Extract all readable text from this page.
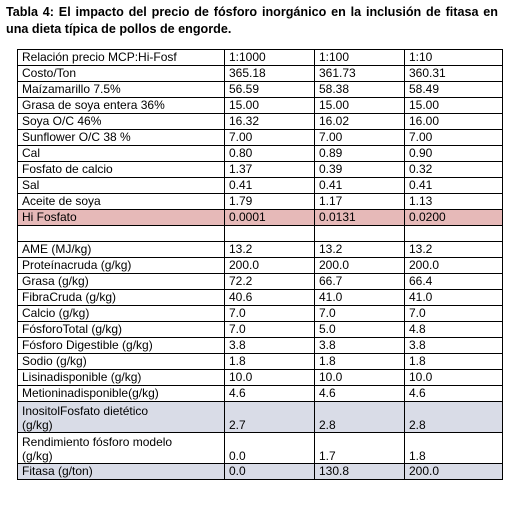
Tabla 4: El impacto del precio de fósforo inorgánico en la inclusión de fitasa en una dieta típica de pollos de engorde.
Relación precio MCP:Hi-Fosf	1:1000	1:100	1:10
Costo/Ton	365.18	361.73	360.31
Maízamarillo 7.5%	56.59	58.38	58.49
Grasa de soya entera 36%	15.00	15.00	15.00
Soya O/C 46%	16.32	16.02	16.00
Sunflower O/C 38 %	7.00	7.00	7.00
Cal	0.80	0.89	0.90
Fosfato de calcio	1.37	0.39	0.32
Sal	0.41	0.41	0.41
Aceite de soya	1.79	1.17	1.13
Hi Fosfato	0.0001	0.0131	0.0200

AME (MJ/kg)	13.2	13.2	13.2
Proteínacruda (g/kg)	200.0	200.0	200.0
Grasa (g/kg)	72.2	66.7	66.4
FibraCruda (g/kg)	40.6	41.0	41.0
Calcio (g/kg)	7.0	7.0	7.0
FósforoTotal (g/kg)	7.0	5.0	4.8
Fósforo Digestible (g/kg)	3.8	3.8	3.8
Sodio (g/kg)	1.8	1.8	1.8
Lisinadisponible (g/kg)	10.0	10.0	10.0
Metioninadisponible(g/kg)	4.6	4.6	4.6

InositolFosfato dietético
(g/kg)	2.7	2.8	2.8

Rendimiento fósforo modelo
(g/kg)	0.0	1.7	1.8
Fitasa (g/ton)	0.0	130.8	200.0
